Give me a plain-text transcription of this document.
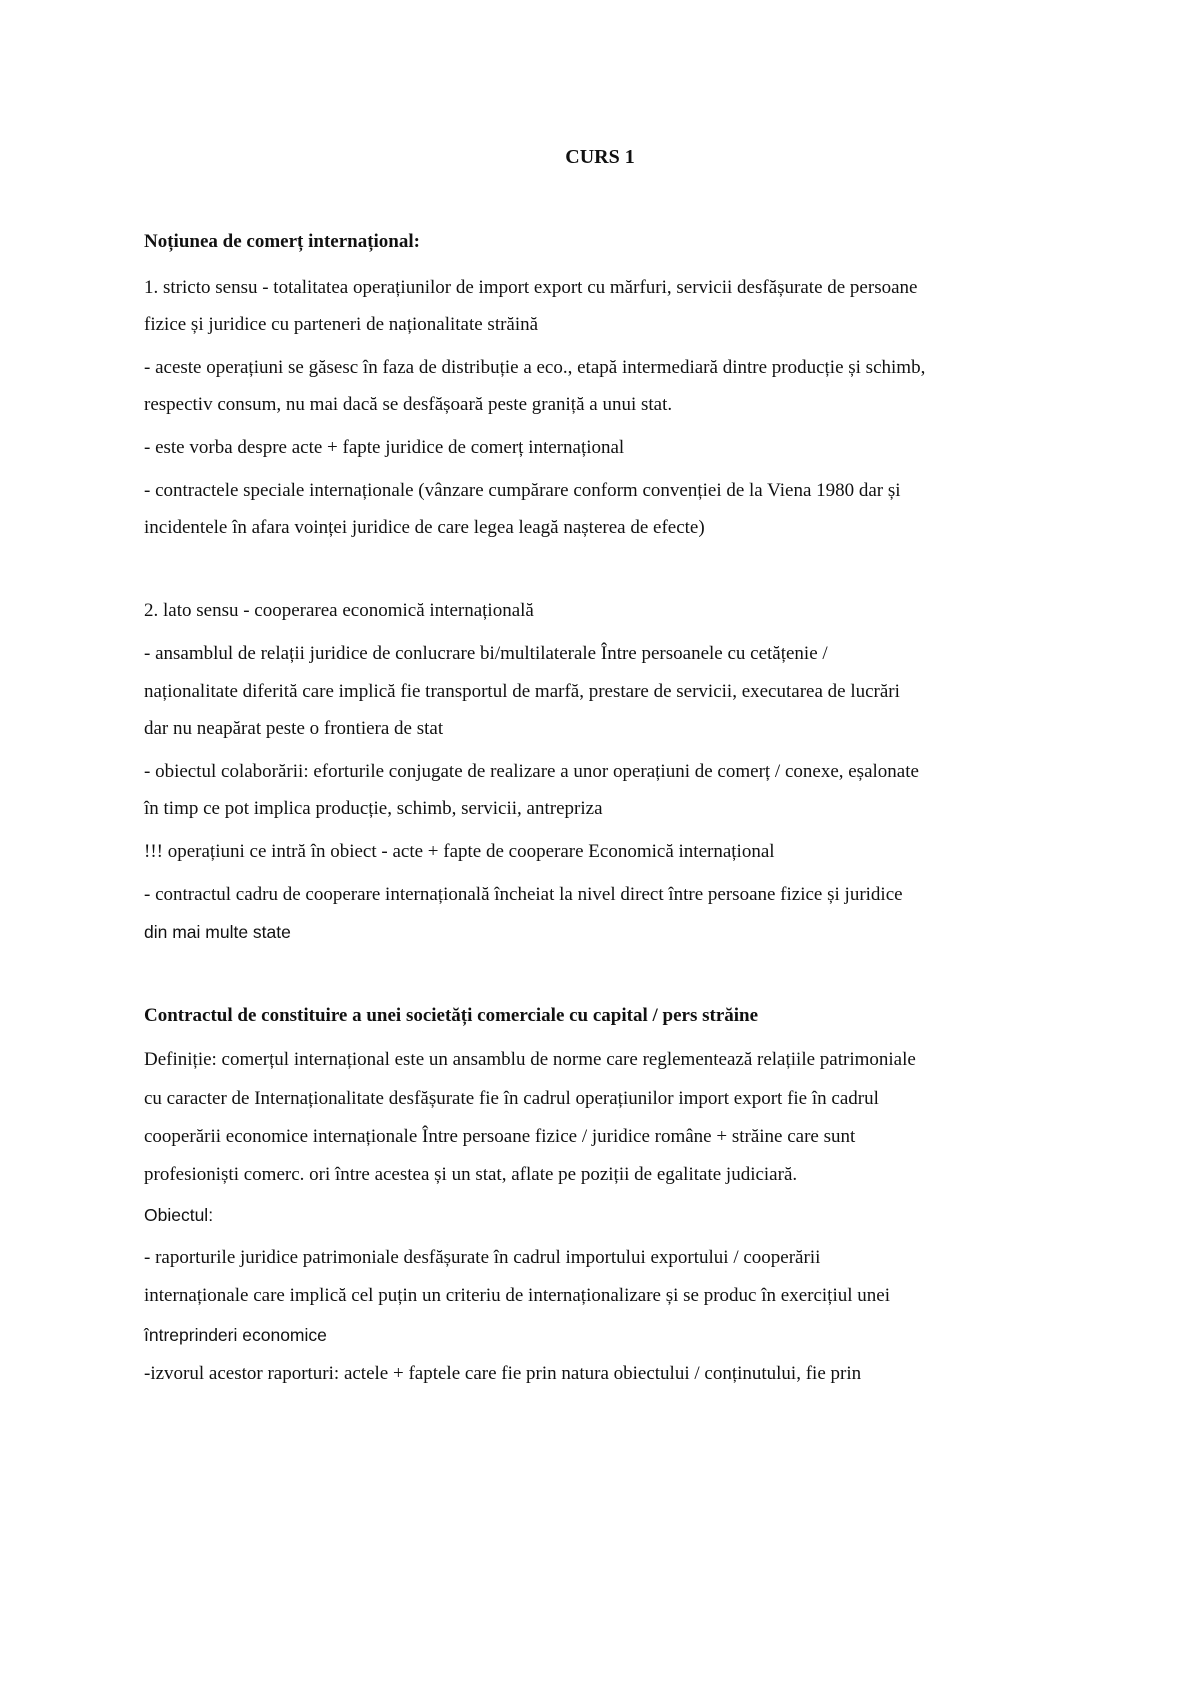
CURS 1

Noțiunea de comerț internațional:

1. stricto sensu - totalitatea operațiunilor de import export cu mărfuri, servicii desfășurate de persoane

fizice și juridice cu parteneri de naționalitate străină

- aceste operațiuni se găsesc în faza de distribuție a eco., etapă intermediară dintre producție și schimb,

respectiv consum, nu mai dacă se desfășoară peste graniță a unui stat.

- este vorba despre acte + fapte juridice de comerț internațional

- contractele speciale internaționale (vânzare cumpărare conform convenției de la Viena 1980 dar și

incidentele în afara voinței juridice de care legea leagă nașterea de efecte)

2. lato sensu - cooperarea economică internațională

- ansamblul de relații juridice de conlucrare bi/multilaterale Între persoanele cu cetățenie /

naționalitate diferită care implică fie transportul de marfă, prestare de servicii, executarea de lucrări

dar nu neapărat peste o frontiera de stat

- obiectul colaborării: eforturile conjugate de realizare a unor operațiuni de comerț / conexe, eșalonate

în timp ce pot implica producție, schimb, servicii, antrepriza

!!! operațiuni ce intră în obiect - acte + fapte de cooperare Economică internațional

- contractul cadru de cooperare internațională încheiat la nivel direct între persoane fizice și juridice

din mai multe state

Contractul de constituire a unei societăți comerciale cu capital / pers străine

Definiție: comerțul internațional este un ansamblu de norme care reglementează relațiile patrimoniale

cu caracter de Internaționalitate desfășurate fie în cadrul operațiunilor import export fie în cadrul

cooperării economice internaționale Între persoane fizice / juridice române + străine care sunt

profesioniști comerc. ori între acestea și un stat, aflate pe poziții de egalitate judiciară.

Obiectul:

- raporturile juridice patrimoniale desfășurate în cadrul importului exportului / cooperării

internaționale care implică cel puțin un criteriu de internaționalizare și se produc în exercițiul unei

întreprinderi economice

-izvorul acestor raporturi: actele + faptele care fie prin natura obiectului / conținutului, fie prin
